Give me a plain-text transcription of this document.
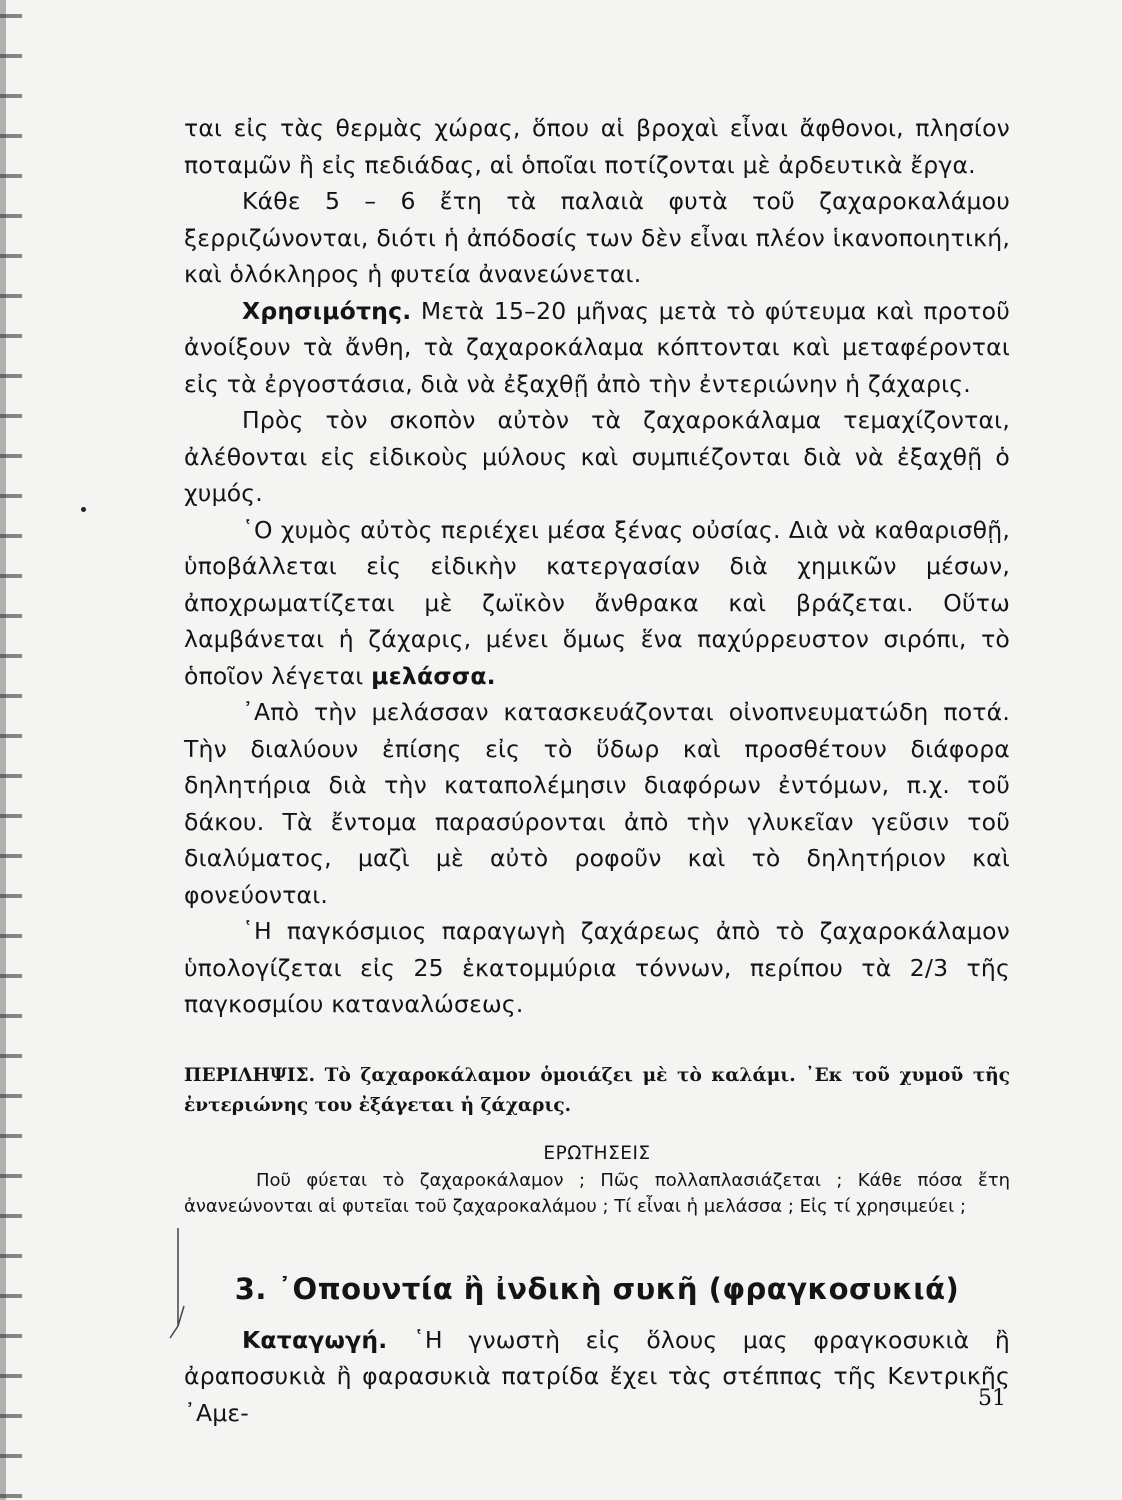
ται εἰς τὰς θερμὰς χώρας, ὅπου αἱ βροχαὶ εἶναι ἄφθονοι, πλησίον ποταμῶν ἢ εἰς πεδιάδας, αἱ ὁποῖαι ποτίζονται μὲ ἀρδευτικὰ ἔργα.

Κάθε 5 – 6 ἔτη τὰ παλαιὰ φυτὰ τοῦ ζαχαροκαλάμου ξερριζώνονται, διότι ἡ ἀπόδοσίς των δὲν εἶναι πλέον ἱκανοποιητική, καὶ ὁλόκληρος ἡ φυτεία ἀνανεώνεται.

Χρησιμότης. Μετὰ 15–20 μῆνας μετὰ τὸ φύτευμα καὶ προτοῦ ἀνοίξουν τὰ ἄνθη, τὰ ζαχαροκάλαμα κόπτονται καὶ μεταφέρονται εἰς τὰ ἐργοστάσια, διὰ νὰ ἐξαχθῇ ἀπὸ τὴν ἐντεριώνην ἡ ζάχαρις.

Πρὸς τὸν σκοπὸν αὐτὸν τὰ ζαχαροκάλαμα τεμαχίζονται, ἀλέθονται εἰς εἰδικοὺς μύλους καὶ συμπιέζονται διὰ νὰ ἐξαχθῇ ὁ χυμός.

῾Ο χυμὸς αὐτὸς περιέχει μέσα ξένας οὐσίας. Διὰ νὰ καθαρισθῇ, ὑποβάλλεται εἰς εἰδικὴν κατεργασίαν διὰ χημικῶν μέσων, ἀποχρωματίζεται μὲ ζωϊκὸν ἄνθρακα καὶ βράζεται. Οὕτω λαμβάνεται ἡ ζάχαρις, μένει ὅμως ἕνα παχύρρευστον σιρόπι, τὸ ὁποῖον λέγεται μελάσσα.

᾽Απὸ τὴν μελάσσαν κατασκευάζονται οἰνοπνευματώδη ποτά. Τὴν διαλύουν ἐπίσης εἰς τὸ ὕδωρ καὶ προσθέτουν διάφορα δηλητήρια διὰ τὴν καταπολέμησιν διαφόρων ἐντόμων, π.χ. τοῦ δάκου. Τὰ ἔντομα παρασύρονται ἀπὸ τὴν γλυκεῖαν γεῦσιν τοῦ διαλύματος, μαζὶ μὲ αὐτὸ ροφοῦν καὶ τὸ δηλητήριον καὶ φονεύονται.

῾Η παγκόσμιος παραγωγὴ ζαχάρεως ἀπὸ τὸ ζαχαροκάλαμον ὑπολογίζεται εἰς 25 ἑκατομμύρια τόννων, περίπου τὰ 2/3 τῆς παγκοσμίου καταναλώσεως.

ΠΕΡΙΛΗΨΙΣ. Τὸ ζαχαροκάλαμον ὁμοιάζει μὲ τὸ καλάμι. ᾽Εκ τοῦ χυμοῦ τῆς ἐντεριώνης του ἐξάγεται ἡ ζάχαρις.

ΕΡΩΤΗΣΕΙΣ

Ποῦ φύεται τὸ ζαχαροκάλαμον ; Πῶς πολλαπλασιάζεται ; Κάθε πόσα ἔτη ἀνανεώνονται αἱ φυτεῖαι τοῦ ζαχαροκαλάμου ; Τί εἶναι ἡ μελάσσα ; Εἰς τί χρησιμεύει ;

3. ᾽Οπουντία ἢ ἰνδικὴ συκῆ (φραγκοσυκιά)

Καταγωγή. ῾Η γνωστὴ εἰς ὅλους μας φραγκοσυκιὰ ἢ ἀραποσυκιὰ ἢ φαρασυκιὰ πατρίδα ἔχει τὰς στέππας τῆς Κεντρικῆς ᾽Αμε-	51
